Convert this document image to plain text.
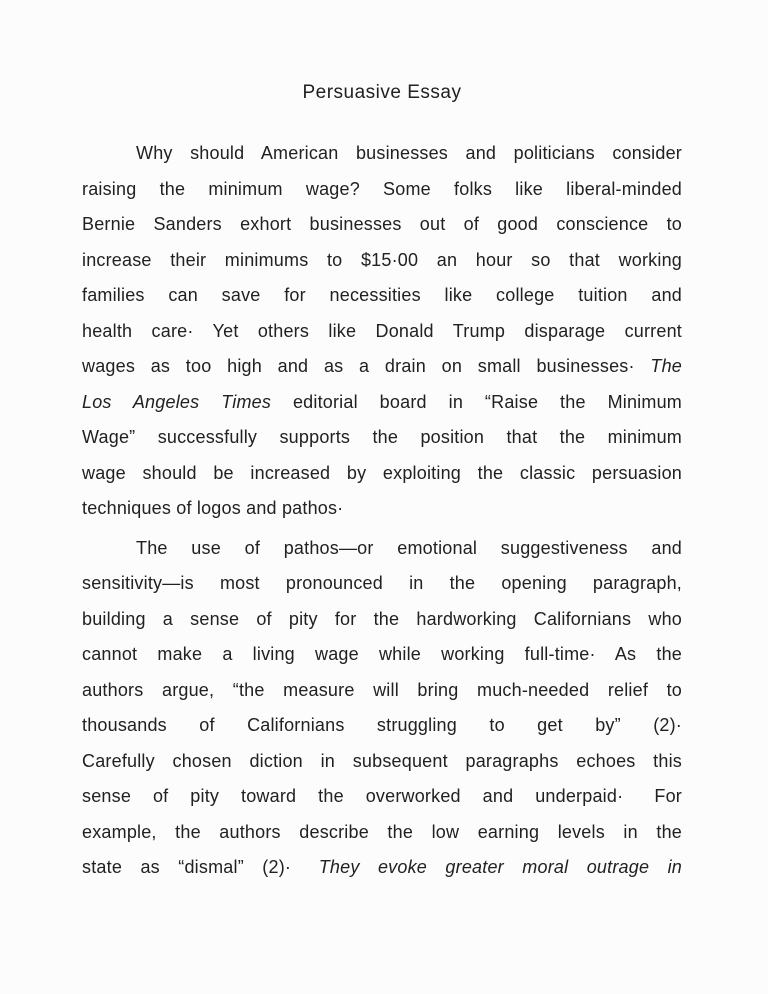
Persuasive Essay
Why should American businesses and politicians consider
raising the minimum wage? Some folks like liberal-minded
Bernie Sanders exhort businesses out of good conscience to
increase their minimums to $15·00 an hour so that working
families can save for necessities like college tuition and
health care· Yet others like Donald Trump disparage current
wages as too high and as a drain on small businesses· The
Los Angeles Times editorial board in “Raise the Minimum
Wage” successfully supports the position that the minimum
wage should be increased by exploiting the classic persuasion
techniques of logos and pathos·
The use of pathos—or emotional suggestiveness and
sensitivity—is most pronounced in the opening paragraph,
building a sense of pity for the hardworking Californians who
cannot make a living wage while working full-time· As the
authors argue, “the measure will bring much-needed relief to
thousands of Californians struggling to get by” (2)·
Carefully chosen diction in subsequent paragraphs echoes this
sense of pity toward the overworked and underpaid·  For
example, the authors describe the low earning levels in the
state as “dismal” (2)·  They evoke greater moral outrage in
